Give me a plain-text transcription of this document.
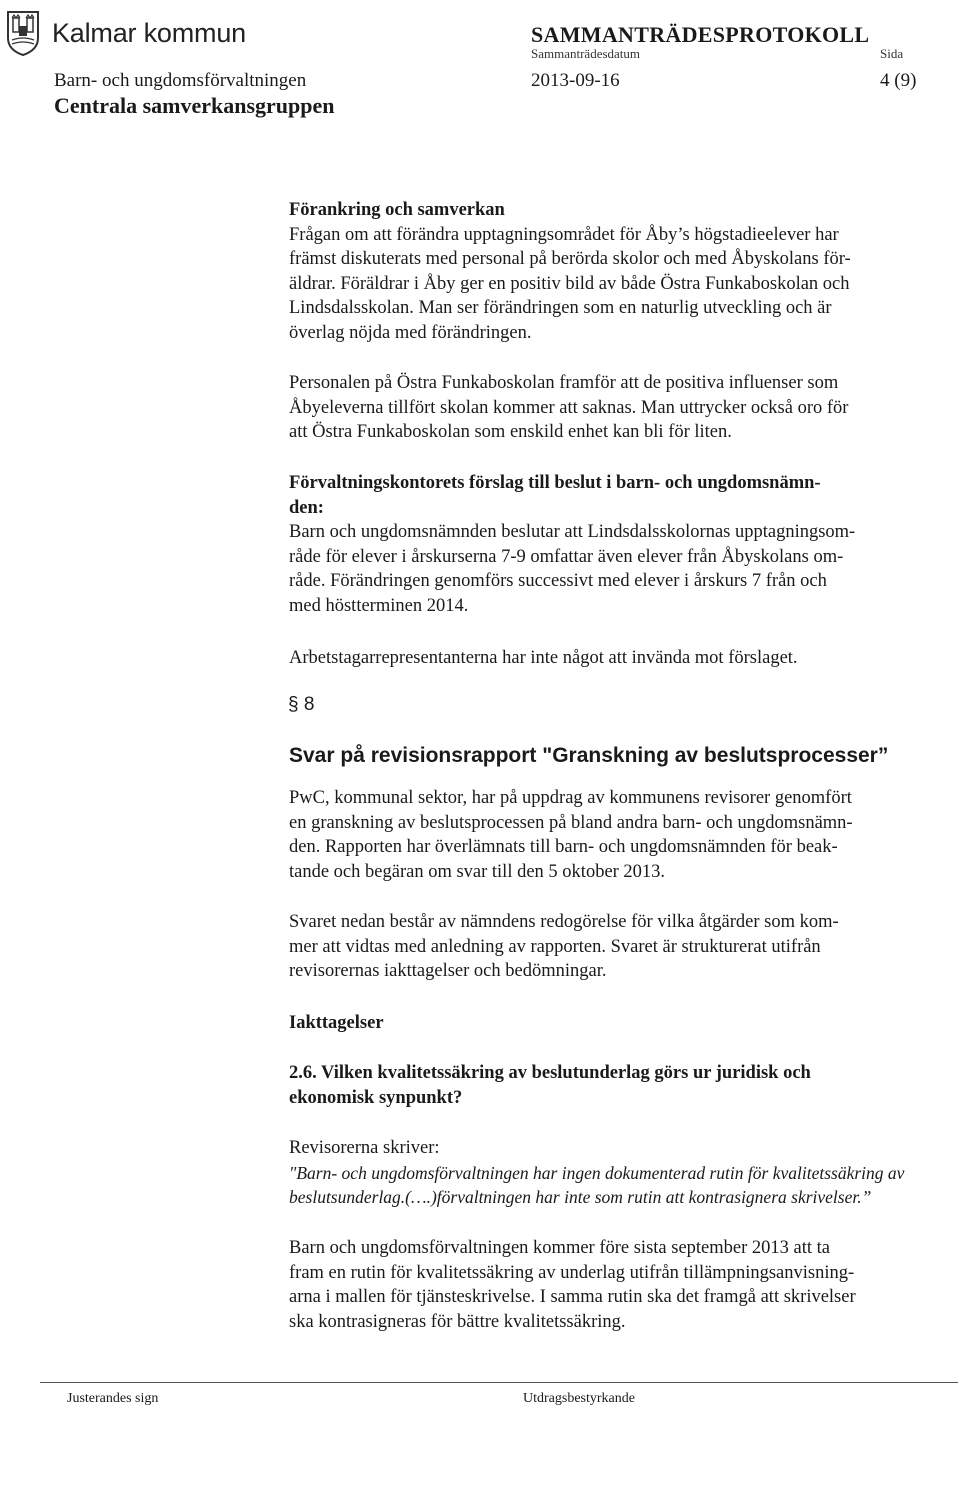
Kalmar kommun	SAMMANTRÄDESPROTOKOLL
Sammanträdesdatum	Sida
Barn- och ungdomsförvaltningen	2013-09-16	4 (9)
Centrala samverkansgruppen

Förankring och samverkan

Frågan om att förändra upptagningsområdet för Åby’s högstadieelever har

främst diskuterats med personal på berörda skolor och med Åbyskolans för-

äldrar. Föräldrar i Åby ger en positiv bild av både Östra Funkaboskolan och

Lindsdalsskolan. Man ser förändringen som en naturlig utveckling och är

överlag nöjda med förändringen.

Personalen på Östra Funkaboskolan framför att de positiva influenser som

Åbyeleverna tillfört skolan kommer att saknas. Man uttrycker också oro för

att Östra Funkaboskolan som enskild enhet kan bli för liten.

Förvaltningskontorets förslag till beslut i barn- och ungdomsnämn-

den:

Barn och ungdomsnämnden beslutar att Lindsdalsskolornas upptagningsom-

råde för elever i årskurserna 7-9 omfattar även elever från Åbyskolans om-

råde. Förändringen genomförs successivt med elever i årskurs 7 från och

med höstterminen 2014.

Arbetstagarrepresentanterna har inte något att invända mot förslaget.

§ 8
Svar på revisionsrapport "Granskning av beslutsprocesser”

PwC, kommunal sektor, har på uppdrag av kommunens revisorer genomfört

en granskning av beslutsprocessen på bland andra barn- och ungdomsnämn-

den. Rapporten har överlämnats till barn- och ungdomsnämnden för beak-

tande och begäran om svar till den 5 oktober 2013.

Svaret nedan består av nämndens redogörelse för vilka åtgärder som kom-

mer att vidtas med anledning av rapporten. Svaret är strukturerat utifrån

revisorernas iakttagelser och bedömningar.

Iakttagelser

2.6. Vilken kvalitetssäkring av beslutunderlag görs ur juridisk och

ekonomisk synpunkt?

Revisorerna skriver:

"Barn- och ungdomsförvaltningen har ingen dokumenterad rutin för kvalitetssäkring av

beslutsunderlag.(….)förvaltningen har inte som rutin att kontrasignera skrivelser.”

Barn och ungdomsförvaltningen kommer före sista september 2013 att ta

fram en rutin för kvalitetssäkring av underlag utifrån tillämpningsanvisning-

arna i mallen för tjänsteskrivelse. I samma rutin ska det framgå att skrivelser

ska kontrasigneras för bättre kvalitetssäkring.

Justerandes sign	Utdragsbestyrkande
